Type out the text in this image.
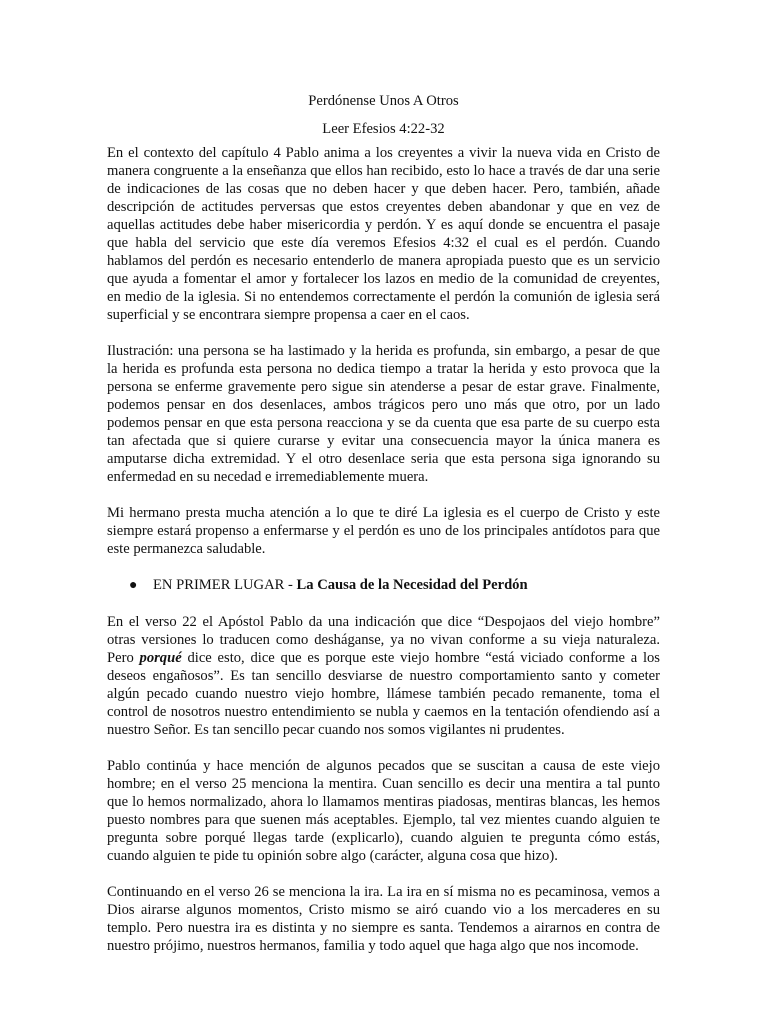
Perdónense Unos A Otros
Leer Efesios 4:22-32

En el contexto del capítulo 4 Pablo anima a los creyentes a vivir la nueva vida en Cristo de manera congruente a la enseñanza que ellos han recibido, esto lo hace a través de dar una serie de indicaciones de las cosas que no deben hacer y que deben hacer. Pero, también, añade descripción de actitudes perversas que estos creyentes deben abandonar y que en vez de aquellas actitudes debe haber misericordia y perdón. Y es aquí donde se encuentra el pasaje que habla del servicio que este día veremos Efesios 4:32 el cual es el perdón. Cuando hablamos del perdón es necesario entenderlo de manera apropiada puesto que es un servicio que ayuda a fomentar el amor y fortalecer los lazos en medio de la comunidad de creyentes, en medio de la iglesia. Si no entendemos correctamente el perdón la comunión de iglesia será superficial y se encontrara siempre propensa a caer en el caos.

Ilustración: una persona se ha lastimado y la herida es profunda, sin embargo, a pesar de que la herida es profunda esta persona no dedica tiempo a tratar la herida y esto provoca que la persona se enferme gravemente pero sigue sin atenderse a pesar de estar grave. Finalmente, podemos pensar en dos desenlaces, ambos trágicos pero uno más que otro, por un lado podemos pensar en que esta persona reacciona y se da cuenta que esa parte de su cuerpo esta tan afectada que si quiere curarse y evitar una consecuencia mayor la única manera es amputarse dicha extremidad. Y el otro desenlace seria que esta persona siga ignorando su enfermedad en su necedad e irremediablemente muera.

Mi hermano presta mucha atención a lo que te diré La iglesia es el cuerpo de Cristo y este siempre estará propenso a enfermarse y el perdón es uno de los principales antídotos para que este permanezca saludable.

●	EN PRIMER LUGAR - La Causa de la Necesidad del Perdón

En el verso 22 el Apóstol Pablo da una indicación que dice “Despojaos del viejo hombre” otras versiones lo traducen como desháganse, ya no vivan conforme a su vieja naturaleza. Pero porqué dice esto, dice que es porque este viejo hombre “está viciado conforme a los deseos engañosos”. Es tan sencillo desviarse de nuestro comportamiento santo y cometer algún pecado cuando nuestro viejo hombre, llámese también pecado remanente, toma el control de nosotros nuestro entendimiento se nubla y caemos en la tentación ofendiendo así a nuestro Señor. Es tan sencillo pecar cuando nos somos vigilantes ni prudentes.

Pablo continúa y hace mención de algunos pecados que se suscitan a causa de este viejo hombre; en el verso 25 menciona la mentira. Cuan sencillo es decir una mentira a tal punto que lo hemos normalizado, ahora lo llamamos mentiras piadosas, mentiras blancas, les hemos puesto nombres para que suenen más aceptables. Ejemplo, tal vez mientes cuando alguien te pregunta sobre porqué llegas tarde (explicarlo), cuando alguien te pregunta cómo estás, cuando alguien te pide tu opinión sobre algo (carácter, alguna cosa que hizo).

Continuando en el verso 26 se menciona la ira. La ira en sí misma no es pecaminosa, vemos a Dios airarse algunos momentos, Cristo mismo se airó cuando vio a los mercaderes en su templo. Pero nuestra ira es distinta y no siempre es santa. Tendemos a airarnos en contra de nuestro prójimo, nuestros hermanos, familia y todo aquel que haga algo que nos incomode.
